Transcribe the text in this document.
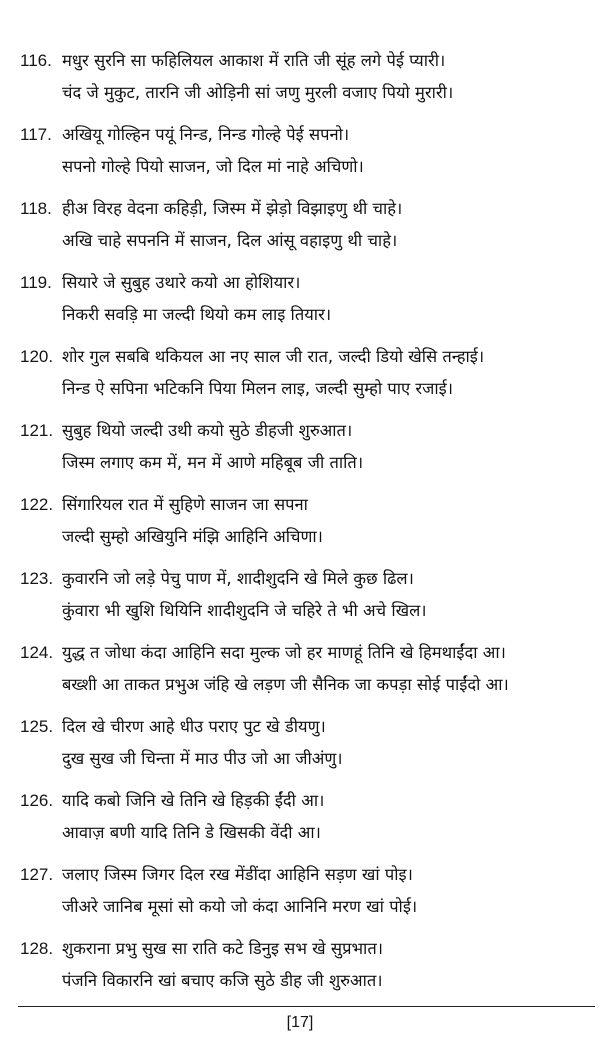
116. मधुर सुरनि सा फहिलियल आकाश में राति जी सूंह लगे पेई प्यारी।
चंद जे मुकुट, तारनि जी ओड़िनी सां जणु मुरली वजाए पियो मुरारी।
117. अखियू गोल्हिन पयूं निन्ड, निन्ड गोल्हे पेई सपनो।
सपनो गोल्हे पियो साजन, जो दिल मां नाहे अचिणो।
118. हीअ विरह वेदना कहिड़ी, जिस्म में झेड़ो विझाइणु थी चाहे।
अखि चाहे सपननि में साजन, दिल आंसू वहाइणु थी चाहे।
119. सियारे जे सुबुह उथारे कयो आ होशियार।
निकरी सवड़ि मा जल्दी थियो कम लाइ तियार।
120. शोर गुल सबबि थकियल आ नए साल जी रात, जल्दी डियो खेसि तन्हाई।
निन्ड ऐ सपिना भटिकनि पिया मिलन लाइ, जल्दी सुम्हो पाए रजाई।
121. सुबुह थियो जल्दी उथी कयो सुठे डीहजी शुरुआत।
जिस्म लगाए कम में, मन में आणे महिबूब जी ताति।
122. सिंगारियल रात में सुहिणे साजन जा सपना
जल्दी सुम्हो अखियुनि मंझि आहिनि अचिणा।
123. कुवारनि जो लड़े पेचु पाण में, शादीशुदनि खे मिले कुछ ढिल।
कुंवारा भी खुशि थियिनि शादीशुदनि जे चहिरे ते भी अचे खिल।
124. युद्ध त जोधा कंदा आहिनि सदा मुल्क जो हर माणहूं तिनि खे हिमथाईंदा आ।
बख्शी आ ताकत प्रभुअ जंहि खे लड़ण जी सैनिक जा कपड़ा सोई पाईंदो आ।
125. दिल खे चीरण आहे धीउ पराए पुट खे डीयणु।
दुख सुख जी चिन्ता में माउ पीउ जो आ जीअंणु।
126. यादि कबो जिनि खे तिनि खे हिड़की ईंदी आ।
आवाज़ बणी यादि तिनि डे खिसकी वेंदी आ।
127. जलाए जिस्म जिगर दिल रख मेंडींदा आहिनि सड़ण खां पोइ।
जीअरे जानिब मूसां सो कयो जो कंदा आनिनि मरण खां पोई।
128. शुकराना प्रभु सुख सा राति कटे डिनुइ सभ खे सुप्रभात।
पंजनि विकारनि खां बचाए कजि सुठे डीह जी शुरुआत।
[17]
